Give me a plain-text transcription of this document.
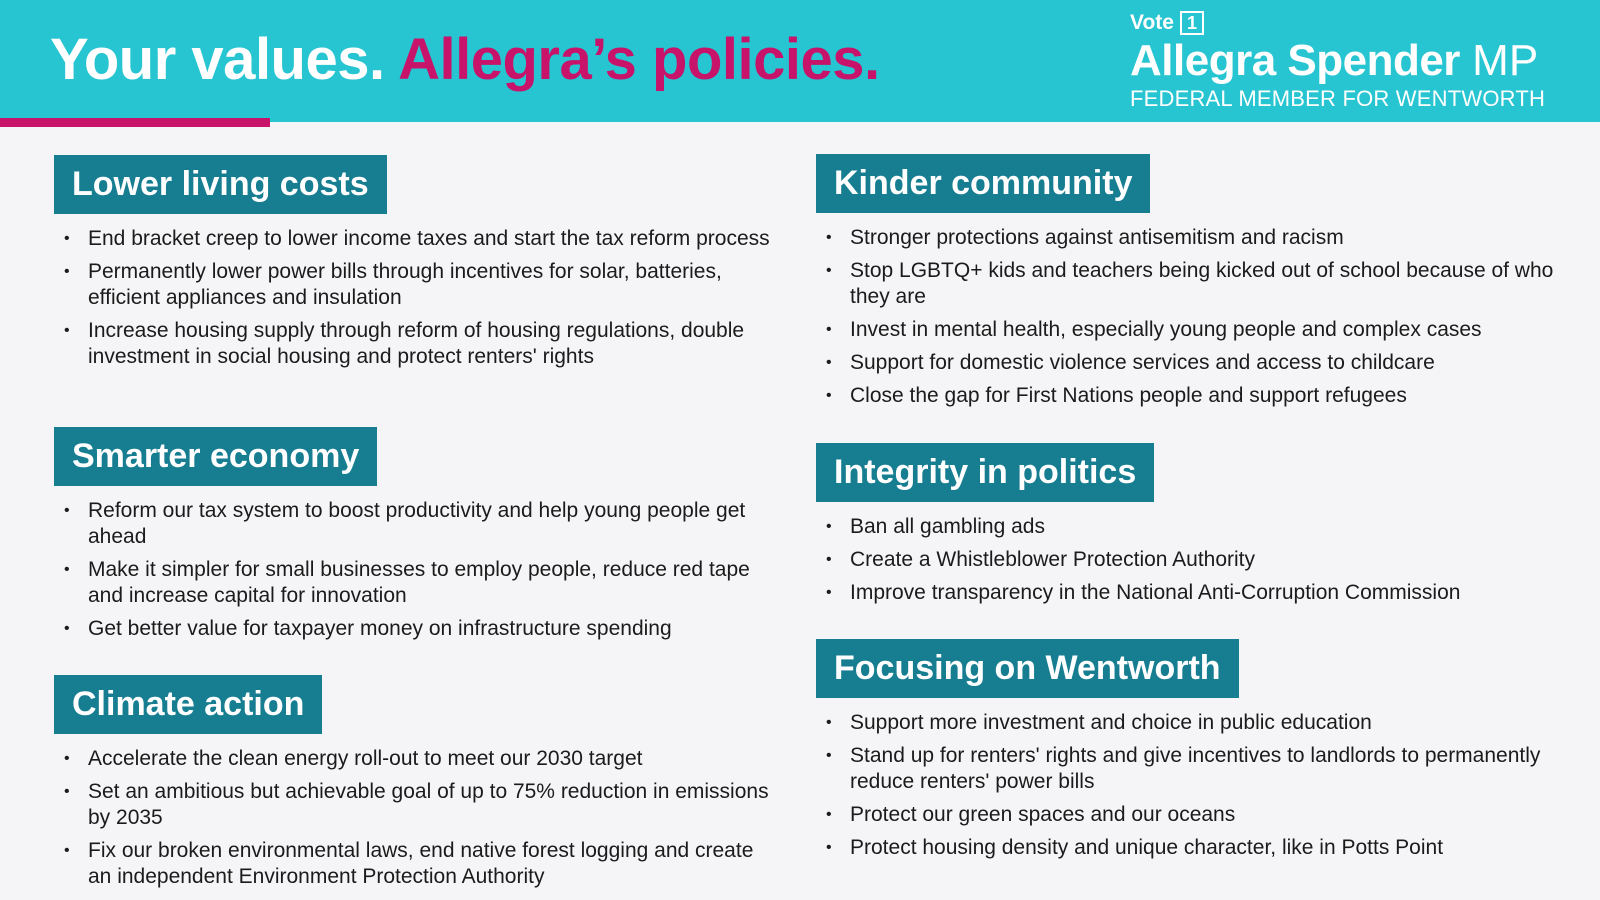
Your values. Allegra’s policies.
Vote 1
Allegra Spender MP
FEDERAL MEMBER FOR WENTWORTH
Lower living costs
• End bracket creep to lower income taxes and start the tax reform process
• Permanently lower power bills through incentives for solar, batteries, efficient appliances and insulation
• Increase housing supply through reform of housing regulations, double investment in social housing and protect renters' rights
Smarter economy
• Reform our tax system to boost productivity and help young people get ahead
• Make it simpler for small businesses to employ people, reduce red tape and increase capital for innovation
• Get better value for taxpayer money on infrastructure spending
Climate action
• Accelerate the clean energy roll-out to meet our 2030 target
• Set an ambitious but achievable goal of up to 75% reduction in emissions by 2035
• Fix our broken environmental laws, end native forest logging and create an independent Environment Protection Authority
Kinder community
• Stronger protections against antisemitism and racism
• Stop LGBTQ+ kids and teachers being kicked out of school because of who they are
• Invest in mental health, especially young people and complex cases
• Support for domestic violence services and access to childcare
• Close the gap for First Nations people and support refugees
Integrity in politics
• Ban all gambling ads
• Create a Whistleblower Protection Authority
• Improve transparency in the National Anti-Corruption Commission
Focusing on Wentworth
• Support more investment and choice in public education
• Stand up for renters' rights and give incentives to landlords to permanently reduce renters' power bills
• Protect our green spaces and our oceans
• Protect housing density and unique character, like in Potts Point
